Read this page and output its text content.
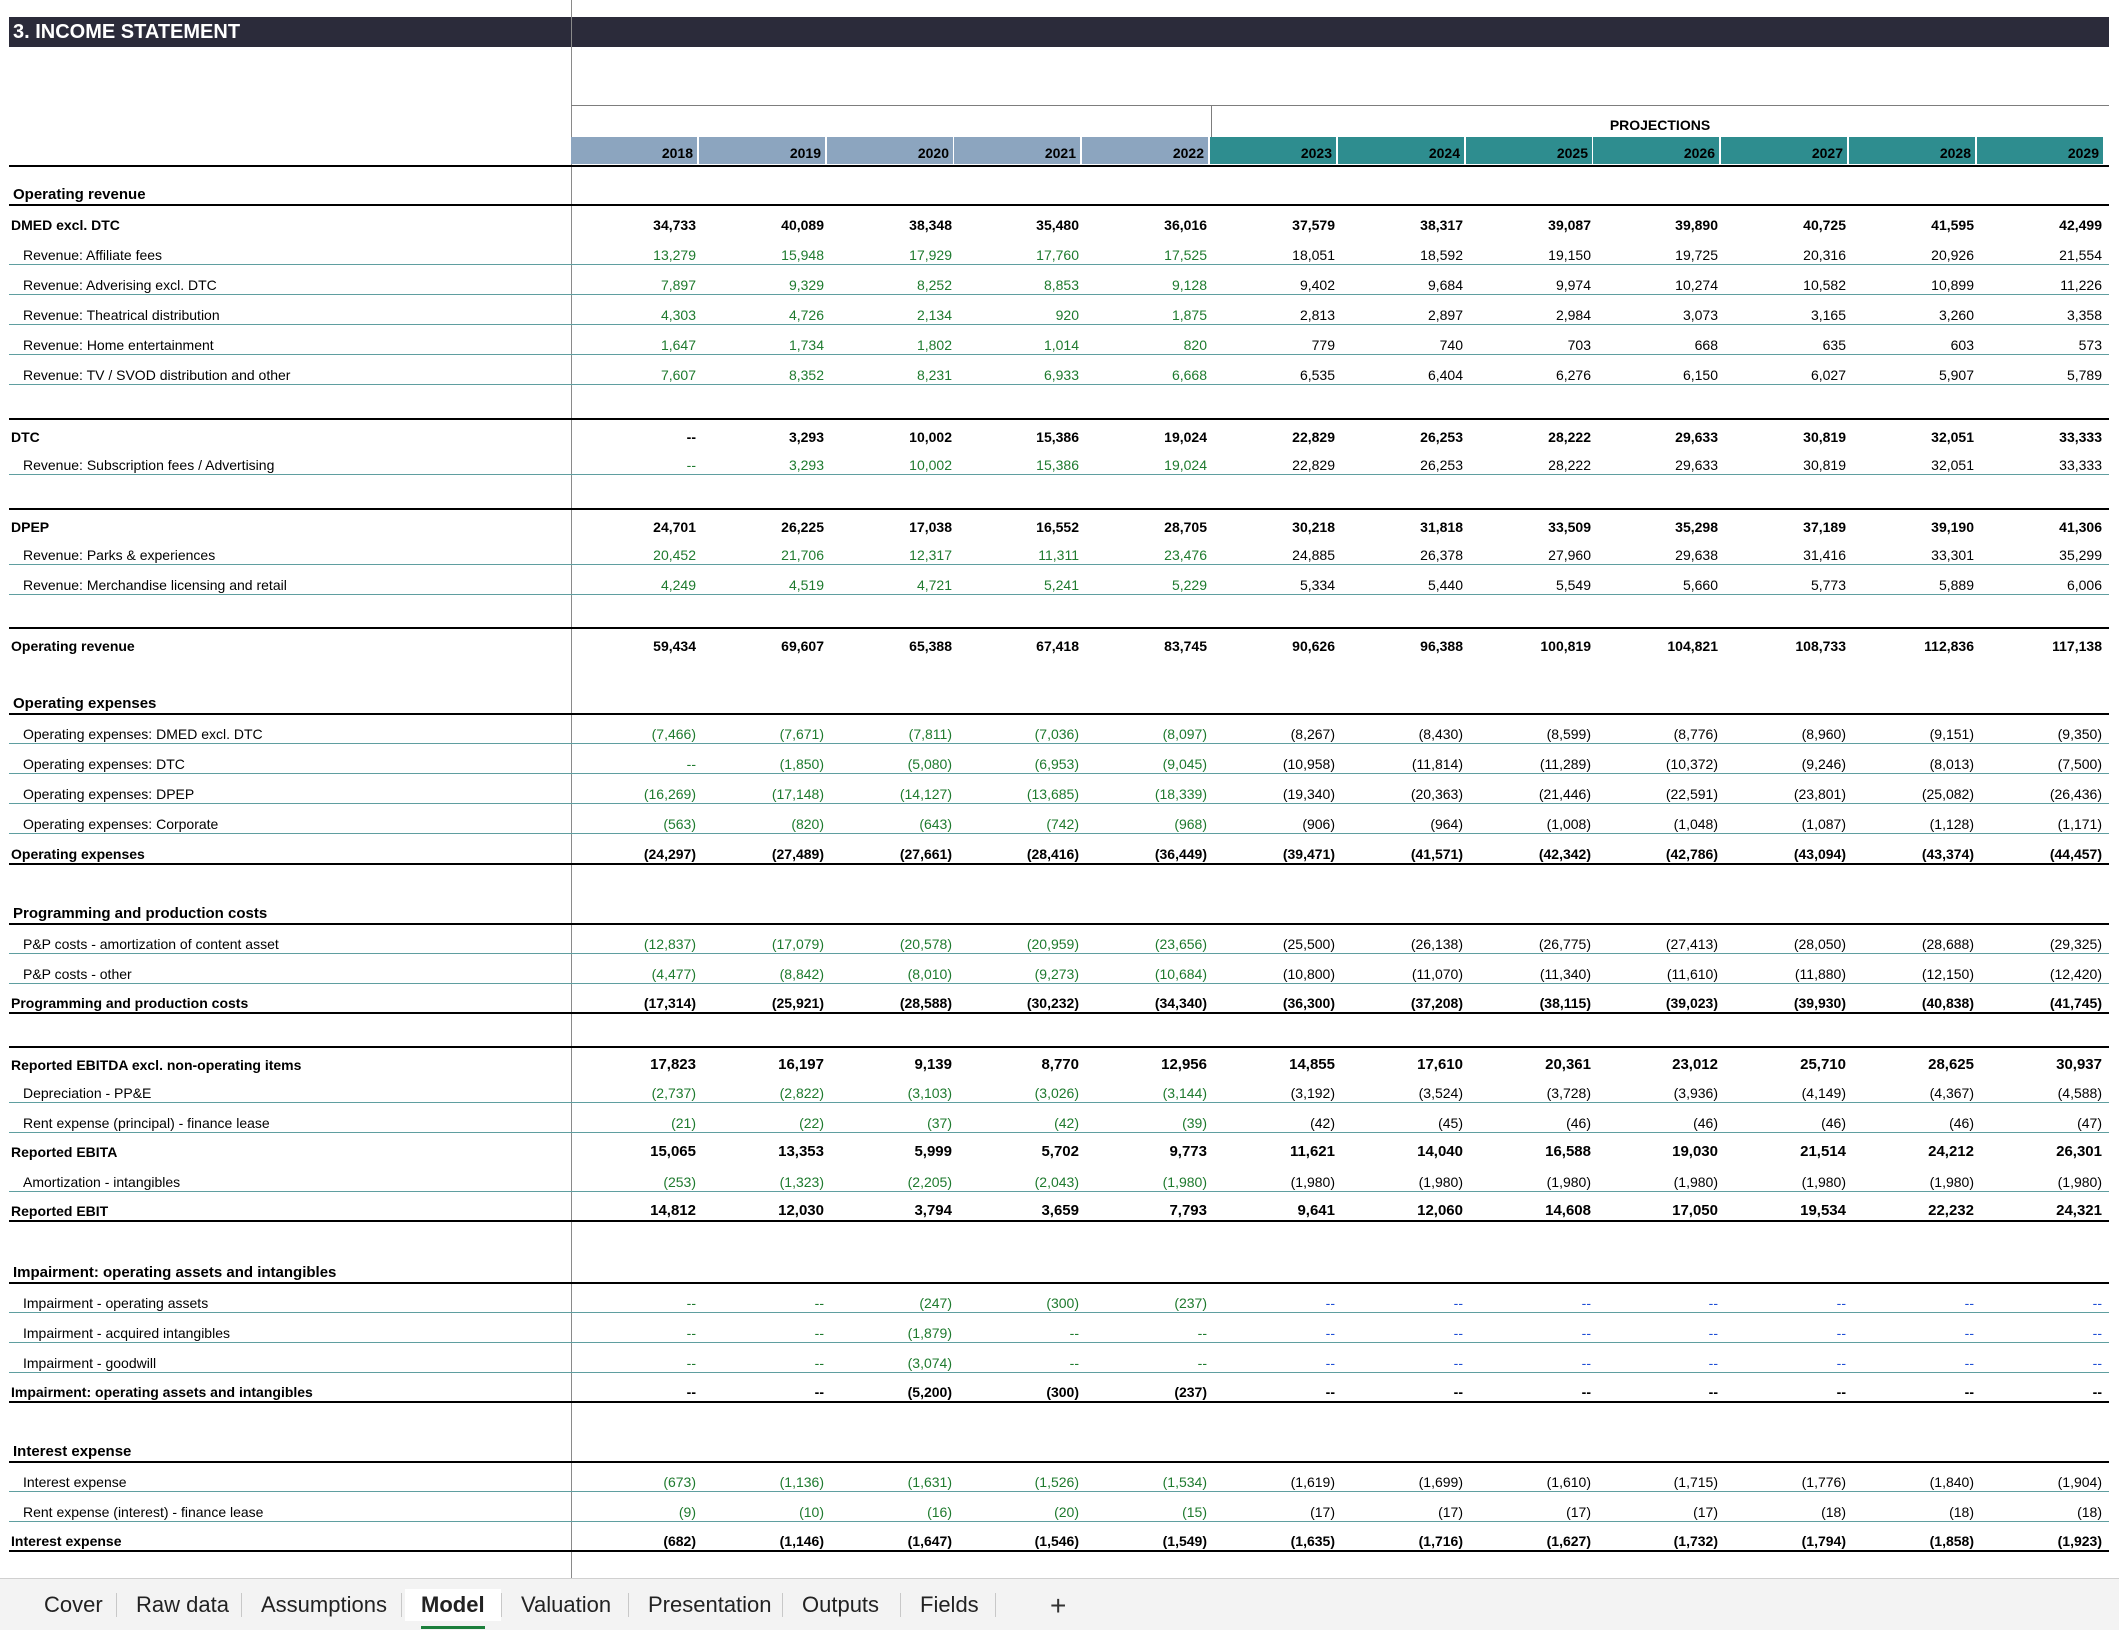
3. INCOME STATEMENT
PROJECTIONS
2018	2019	2020	2021	2022	2023	2024	2025	2026	2027	2028	2029
Operating revenue
DMED excl. DTC	34,733	40,089	38,348	35,480	36,016	37,579	38,317	39,087	39,890	40,725	41,595	42,499
Revenue: Affiliate fees	13,279	15,948	17,929	17,760	17,525	18,051	18,592	19,150	19,725	20,316	20,926	21,554
Revenue: Adverising excl. DTC	7,897	9,329	8,252	8,853	9,128	9,402	9,684	9,974	10,274	10,582	10,899	11,226
Revenue: Theatrical distribution	4,303	4,726	2,134	920	1,875	2,813	2,897	2,984	3,073	3,165	3,260	3,358
Revenue: Home entertainment	1,647	1,734	1,802	1,014	820	779	740	703	668	635	603	573
Revenue: TV / SVOD distribution and other	7,607	8,352	8,231	6,933	6,668	6,535	6,404	6,276	6,150	6,027	5,907	5,789
DTC	--	3,293	10,002	15,386	19,024	22,829	26,253	28,222	29,633	30,819	32,051	33,333
Revenue: Subscription fees / Advertising	--	3,293	10,002	15,386	19,024	22,829	26,253	28,222	29,633	30,819	32,051	33,333
DPEP	24,701	26,225	17,038	16,552	28,705	30,218	31,818	33,509	35,298	37,189	39,190	41,306
Revenue: Parks & experiences	20,452	21,706	12,317	11,311	23,476	24,885	26,378	27,960	29,638	31,416	33,301	35,299
Revenue: Merchandise licensing and retail	4,249	4,519	4,721	5,241	5,229	5,334	5,440	5,549	5,660	5,773	5,889	6,006
Operating revenue	59,434	69,607	65,388	67,418	83,745	90,626	96,388	100,819	104,821	108,733	112,836	117,138
Operating expenses
Operating expenses: DMED excl. DTC	(7,466)	(7,671)	(7,811)	(7,036)	(8,097)	(8,267)	(8,430)	(8,599)	(8,776)	(8,960)	(9,151)	(9,350)
Operating expenses: DTC	--	(1,850)	(5,080)	(6,953)	(9,045)	(10,958)	(11,814)	(11,289)	(10,372)	(9,246)	(8,013)	(7,500)
Operating expenses: DPEP	(16,269)	(17,148)	(14,127)	(13,685)	(18,339)	(19,340)	(20,363)	(21,446)	(22,591)	(23,801)	(25,082)	(26,436)
Operating expenses: Corporate	(563)	(820)	(643)	(742)	(968)	(906)	(964)	(1,008)	(1,048)	(1,087)	(1,128)	(1,171)
Operating expenses	(24,297)	(27,489)	(27,661)	(28,416)	(36,449)	(39,471)	(41,571)	(42,342)	(42,786)	(43,094)	(43,374)	(44,457)
Programming and production costs
P&P costs - amortization of content asset	(12,837)	(17,079)	(20,578)	(20,959)	(23,656)	(25,500)	(26,138)	(26,775)	(27,413)	(28,050)	(28,688)	(29,325)
P&P costs - other	(4,477)	(8,842)	(8,010)	(9,273)	(10,684)	(10,800)	(11,070)	(11,340)	(11,610)	(11,880)	(12,150)	(12,420)
Programming and production costs	(17,314)	(25,921)	(28,588)	(30,232)	(34,340)	(36,300)	(37,208)	(38,115)	(39,023)	(39,930)	(40,838)	(41,745)
Reported EBITDA excl. non-operating items	17,823	16,197	9,139	8,770	12,956	14,855	17,610	20,361	23,012	25,710	28,625	30,937
Depreciation - PP&E	(2,737)	(2,822)	(3,103)	(3,026)	(3,144)	(3,192)	(3,524)	(3,728)	(3,936)	(4,149)	(4,367)	(4,588)
Rent expense (principal) - finance lease	(21)	(22)	(37)	(42)	(39)	(42)	(45)	(46)	(46)	(46)	(46)	(47)
Reported EBITA	15,065	13,353	5,999	5,702	9,773	11,621	14,040	16,588	19,030	21,514	24,212	26,301
Amortization - intangibles	(253)	(1,323)	(2,205)	(2,043)	(1,980)	(1,980)	(1,980)	(1,980)	(1,980)	(1,980)	(1,980)	(1,980)
Reported EBIT	14,812	12,030	3,794	3,659	7,793	9,641	12,060	14,608	17,050	19,534	22,232	24,321
Impairment: operating assets and intangibles
Impairment - operating assets	--	--	(247)	(300)	(237)	--	--	--	--	--	--	--
Impairment - acquired intangibles	--	--	(1,879)	--	--	--	--	--	--	--	--	--
Impairment - goodwill	--	--	(3,074)	--	--	--	--	--	--	--	--	--
Impairment: operating assets and intangibles	--	--	(5,200)	(300)	(237)	--	--	--	--	--	--	--
Interest expense
Interest expense	(673)	(1,136)	(1,631)	(1,526)	(1,534)	(1,619)	(1,699)	(1,610)	(1,715)	(1,776)	(1,840)	(1,904)
Rent expense (interest) - finance lease	(9)	(10)	(16)	(20)	(15)	(17)	(17)	(17)	(17)	(18)	(18)	(18)
Interest expense	(682)	(1,146)	(1,647)	(1,546)	(1,549)	(1,635)	(1,716)	(1,627)	(1,732)	(1,794)	(1,858)	(1,923)
Cover	Raw data	Assumptions	Model	Valuation	Presentation	Outputs	Fields	+
